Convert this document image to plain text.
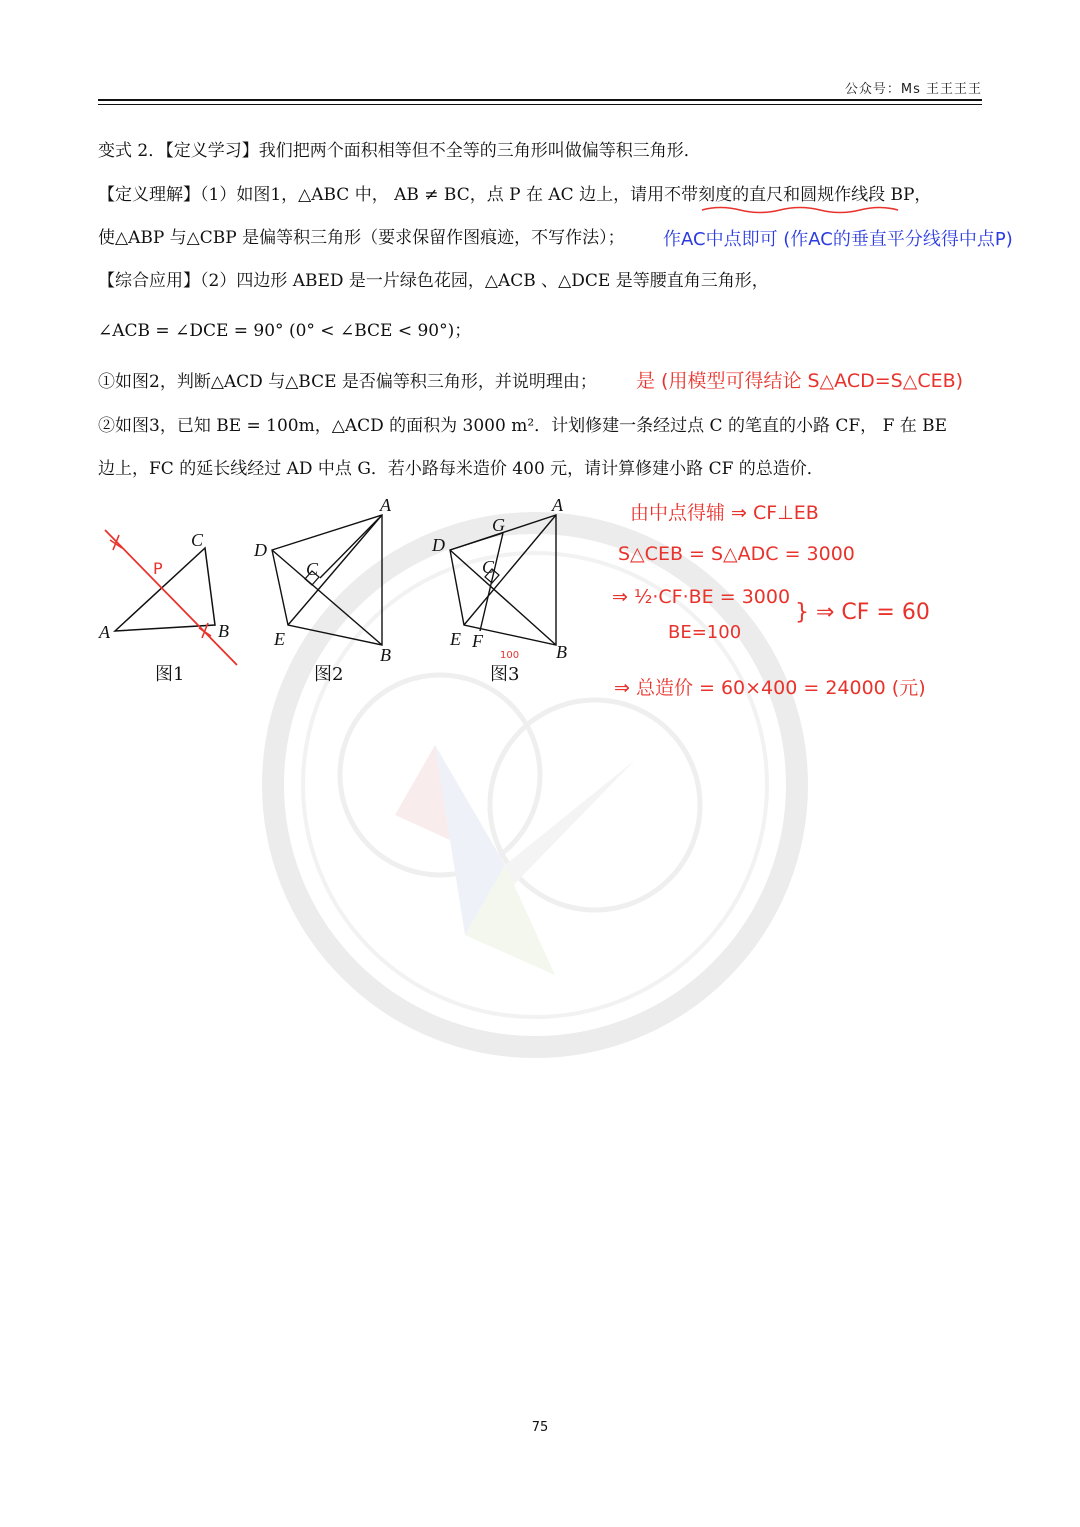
公众号：Ms 王王王王
变式 2．【定义学习】我们把两个面积相等但不全等的三角形叫做偏等积三角形．
【定义理解】（1）如图1，△ABC 中， AB ≠ BC，点 P 在 AC 边上，请用不带刻度的直尺和圆规作线段 BP，
使△ABP 与△CBP 是偏等积三角形（要求保留作图痕迹，不写作法）；
【综合应用】（2）四边形 ABED 是一片绿色花园，△ACB 、△DCE 是等腰直角三角形，
∠ACB = ∠DCE = 90° (0° < ∠BCE < 90°)；
①如图2，判断△ACD 与△BCE 是否偏等积三角形，并说明理由；
②如图3，已知 BE = 100m，△ACD 的面积为 3000 m²．计划修建一条经过点 C 的笔直的小路 CF， F 在 BE
边上，FC 的延长线经过 AD 中点 G．若小路每米造价 400 元，请计算修建小路 CF 的总造价．
作AC中点即可 (作AC的垂直平分线得中点P)
是 (用模型可得结论 S△ACD=S△CEB)
由中点得辅 ⇒ CF⊥EB
S△CEB = S△ADC = 3000
⇒ ½·CF·BE = 3000
BE=100
} ⇒ CF = 60
⇒ 总造价 = 60×400 = 24000 (元)
A	B
C
P
图1
A
B
C
D
E
图2
A
B
C
D
E F
G
100
图3
75
